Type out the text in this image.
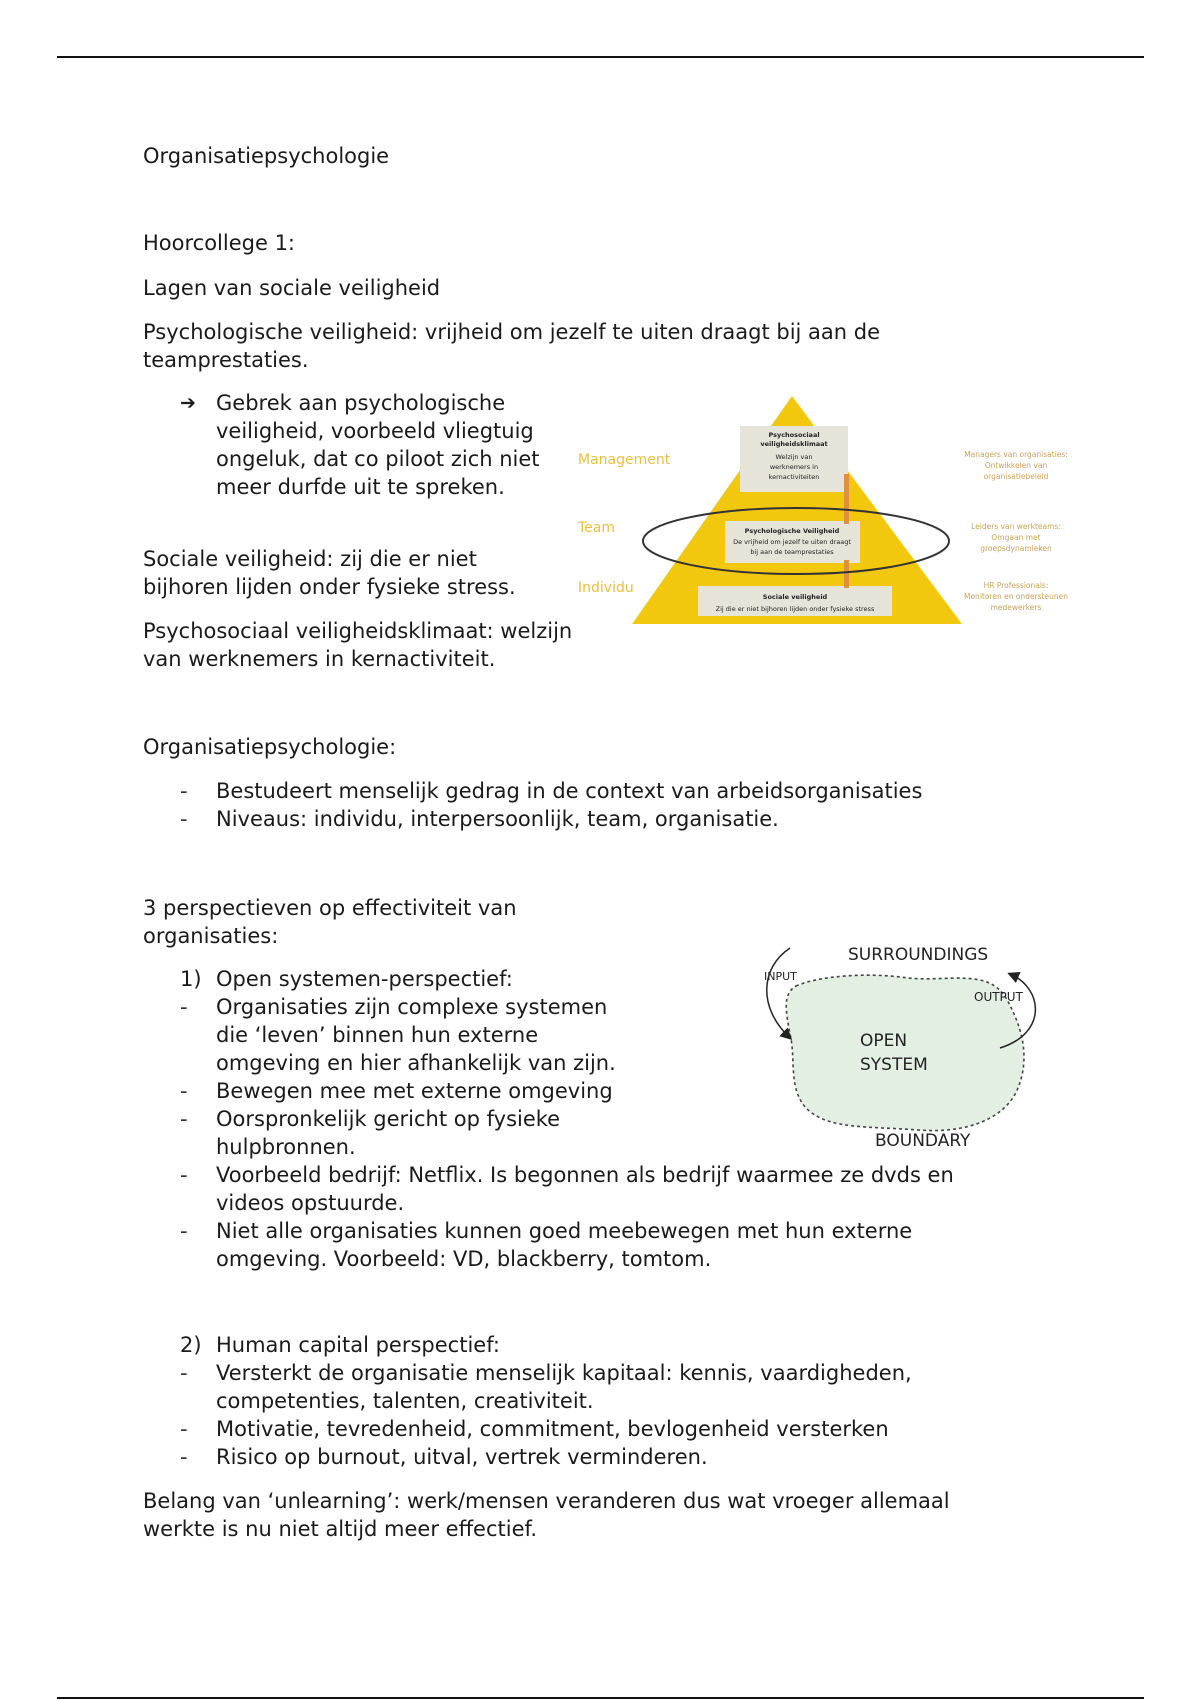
Organisatiepsychologie

Hoorcollege 1:

Lagen van sociale veiligheid

Psychologische veiligheid: vrijheid om jezelf te uiten draagt bij aan de teamprestaties.

➔ Gebrek aan psychologische veiligheid, voorbeeld vliegtuig ongeluk, dat co piloot zich niet meer durfde uit te spreken.

Sociale veiligheid: zij die er niet bijhoren lijden onder fysieke stress.

Psychosociaal veiligheidsklimaat: welzijn van werknemers in kernactiviteit.

Management
Team
Individu
Psychosociaal
veiligheidsklimaat
Welzijn van
werknemers in
kernactiviteiten
Psychologische Veiligheid
De vrijheid om jezelf te uiten draagt
bij aan de teamprestaties
Sociale veiligheid
Zij die er niet bijhoren lijden onder fysieke stress
Managers van organisaties:
Ontwikkelen van
organisatiebeleid
Leiders van werkteams:
Omgaan met
groepsdynamieken
HR Professionals:
Monitoren en ondersteunen
medewerkers

Organisatiepsychologie:

-	Bestudeert menselijk gedrag in de context van arbeidsorganisaties
-	Niveaus: individu, interpersoonlijk, team, organisatie.

3 perspectieven op effectiviteit van organisaties:

1) Open systemen-perspectief:
-	Organisaties zijn complexe systemen die ‘leven’ binnen hun externe omgeving en hier afhankelijk van zijn.
-	Bewegen mee met externe omgeving
-	Oorspronkelijk gericht op fysieke hulpbronnen.
-	Voorbeeld bedrijf: Netflix. Is begonnen als bedrijf waarmee ze dvds en videos opstuurde.
-	Niet alle organisaties kunnen goed meebewegen met hun externe omgeving. Voorbeeld: VD, blackberry, tomtom.
SURROUNDINGS
INPUT
OUTPUT
OPEN
SYSTEM
BOUNDARY
2) Human capital perspectief:
-	Versterkt de organisatie menselijk kapitaal: kennis, vaardigheden, competenties, talenten, creativiteit.
-	Motivatie, tevredenheid, commitment, bevlogenheid versterken
-	Risico op burnout, uitval, vertrek verminderen.

Belang van ‘unlearning’: werk/mensen veranderen dus wat vroeger allemaal werkte is nu niet altijd meer effectief.
